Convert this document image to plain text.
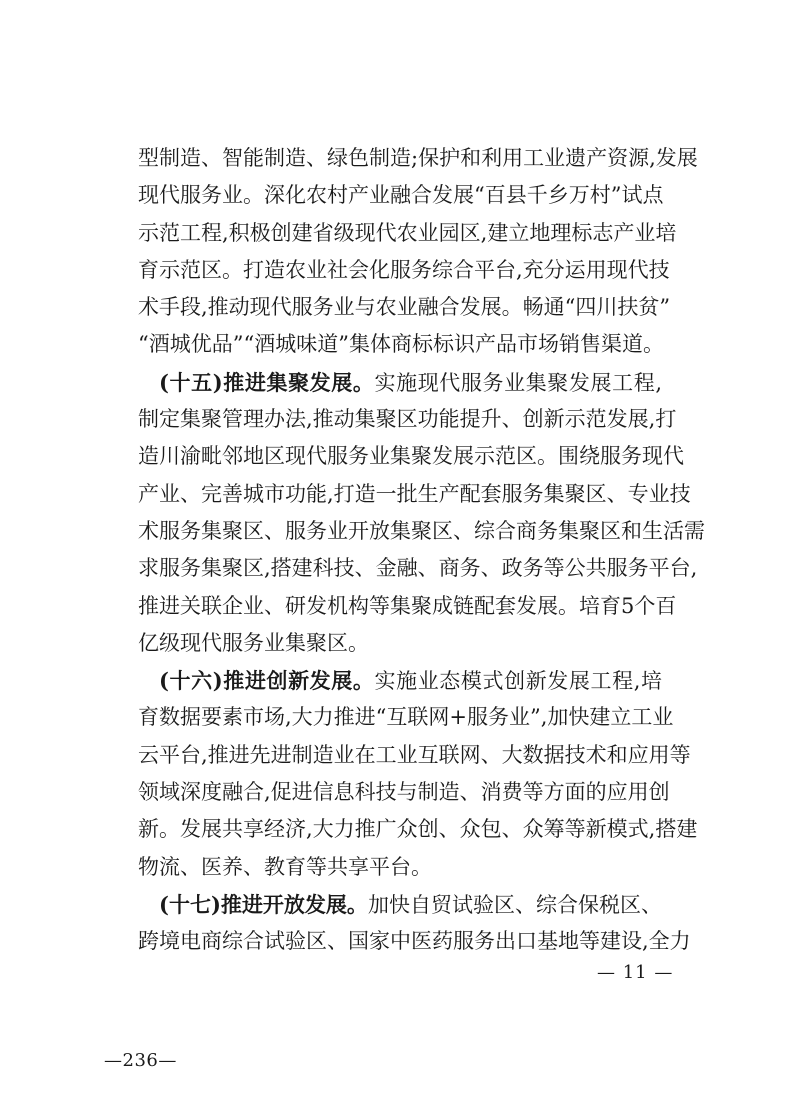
型制造、智能制造、绿色制造;保护和利用工业遗产资源,发展
现代服务业。深化农村产业融合发展“百县千乡万村”试点
示范工程,积极创建省级现代农业园区,建立地理标志产业培
育示范区。打造农业社会化服务综合平台,充分运用现代技
术手段,推动现代服务业与农业融合发展。畅通“四川扶贫”
“酒城优品”“酒城味道”集体商标标识产品市场销售渠道。
(十五)推进集聚发展。实施现代服务业集聚发展工程,
制定集聚管理办法,推动集聚区功能提升、创新示范发展,打
造川渝毗邻地区现代服务业集聚发展示范区。围绕服务现代
产业、完善城市功能,打造一批生产配套服务集聚区、专业技
术服务集聚区、服务业开放集聚区、综合商务集聚区和生活需
求服务集聚区,搭建科技、金融、商务、政务等公共服务平台,
推进关联企业、研发机构等集聚成链配套发展。培育5个百
亿级现代服务业集聚区。
(十六)推进创新发展。实施业态模式创新发展工程,培
育数据要素市场,大力推进“互联网+服务业”,加快建立工业
云平台,推进先进制造业在工业互联网、大数据技术和应用等
领域深度融合,促进信息科技与制造、消费等方面的应用创
新。发展共享经济,大力推广众创、众包、众筹等新模式,搭建
物流、医养、教育等共享平台。
(十七)推进开放发展。加快自贸试验区、综合保税区、
跨境电商综合试验区、国家中医药服务出口基地等建设,全力
— 11 —
—236—
